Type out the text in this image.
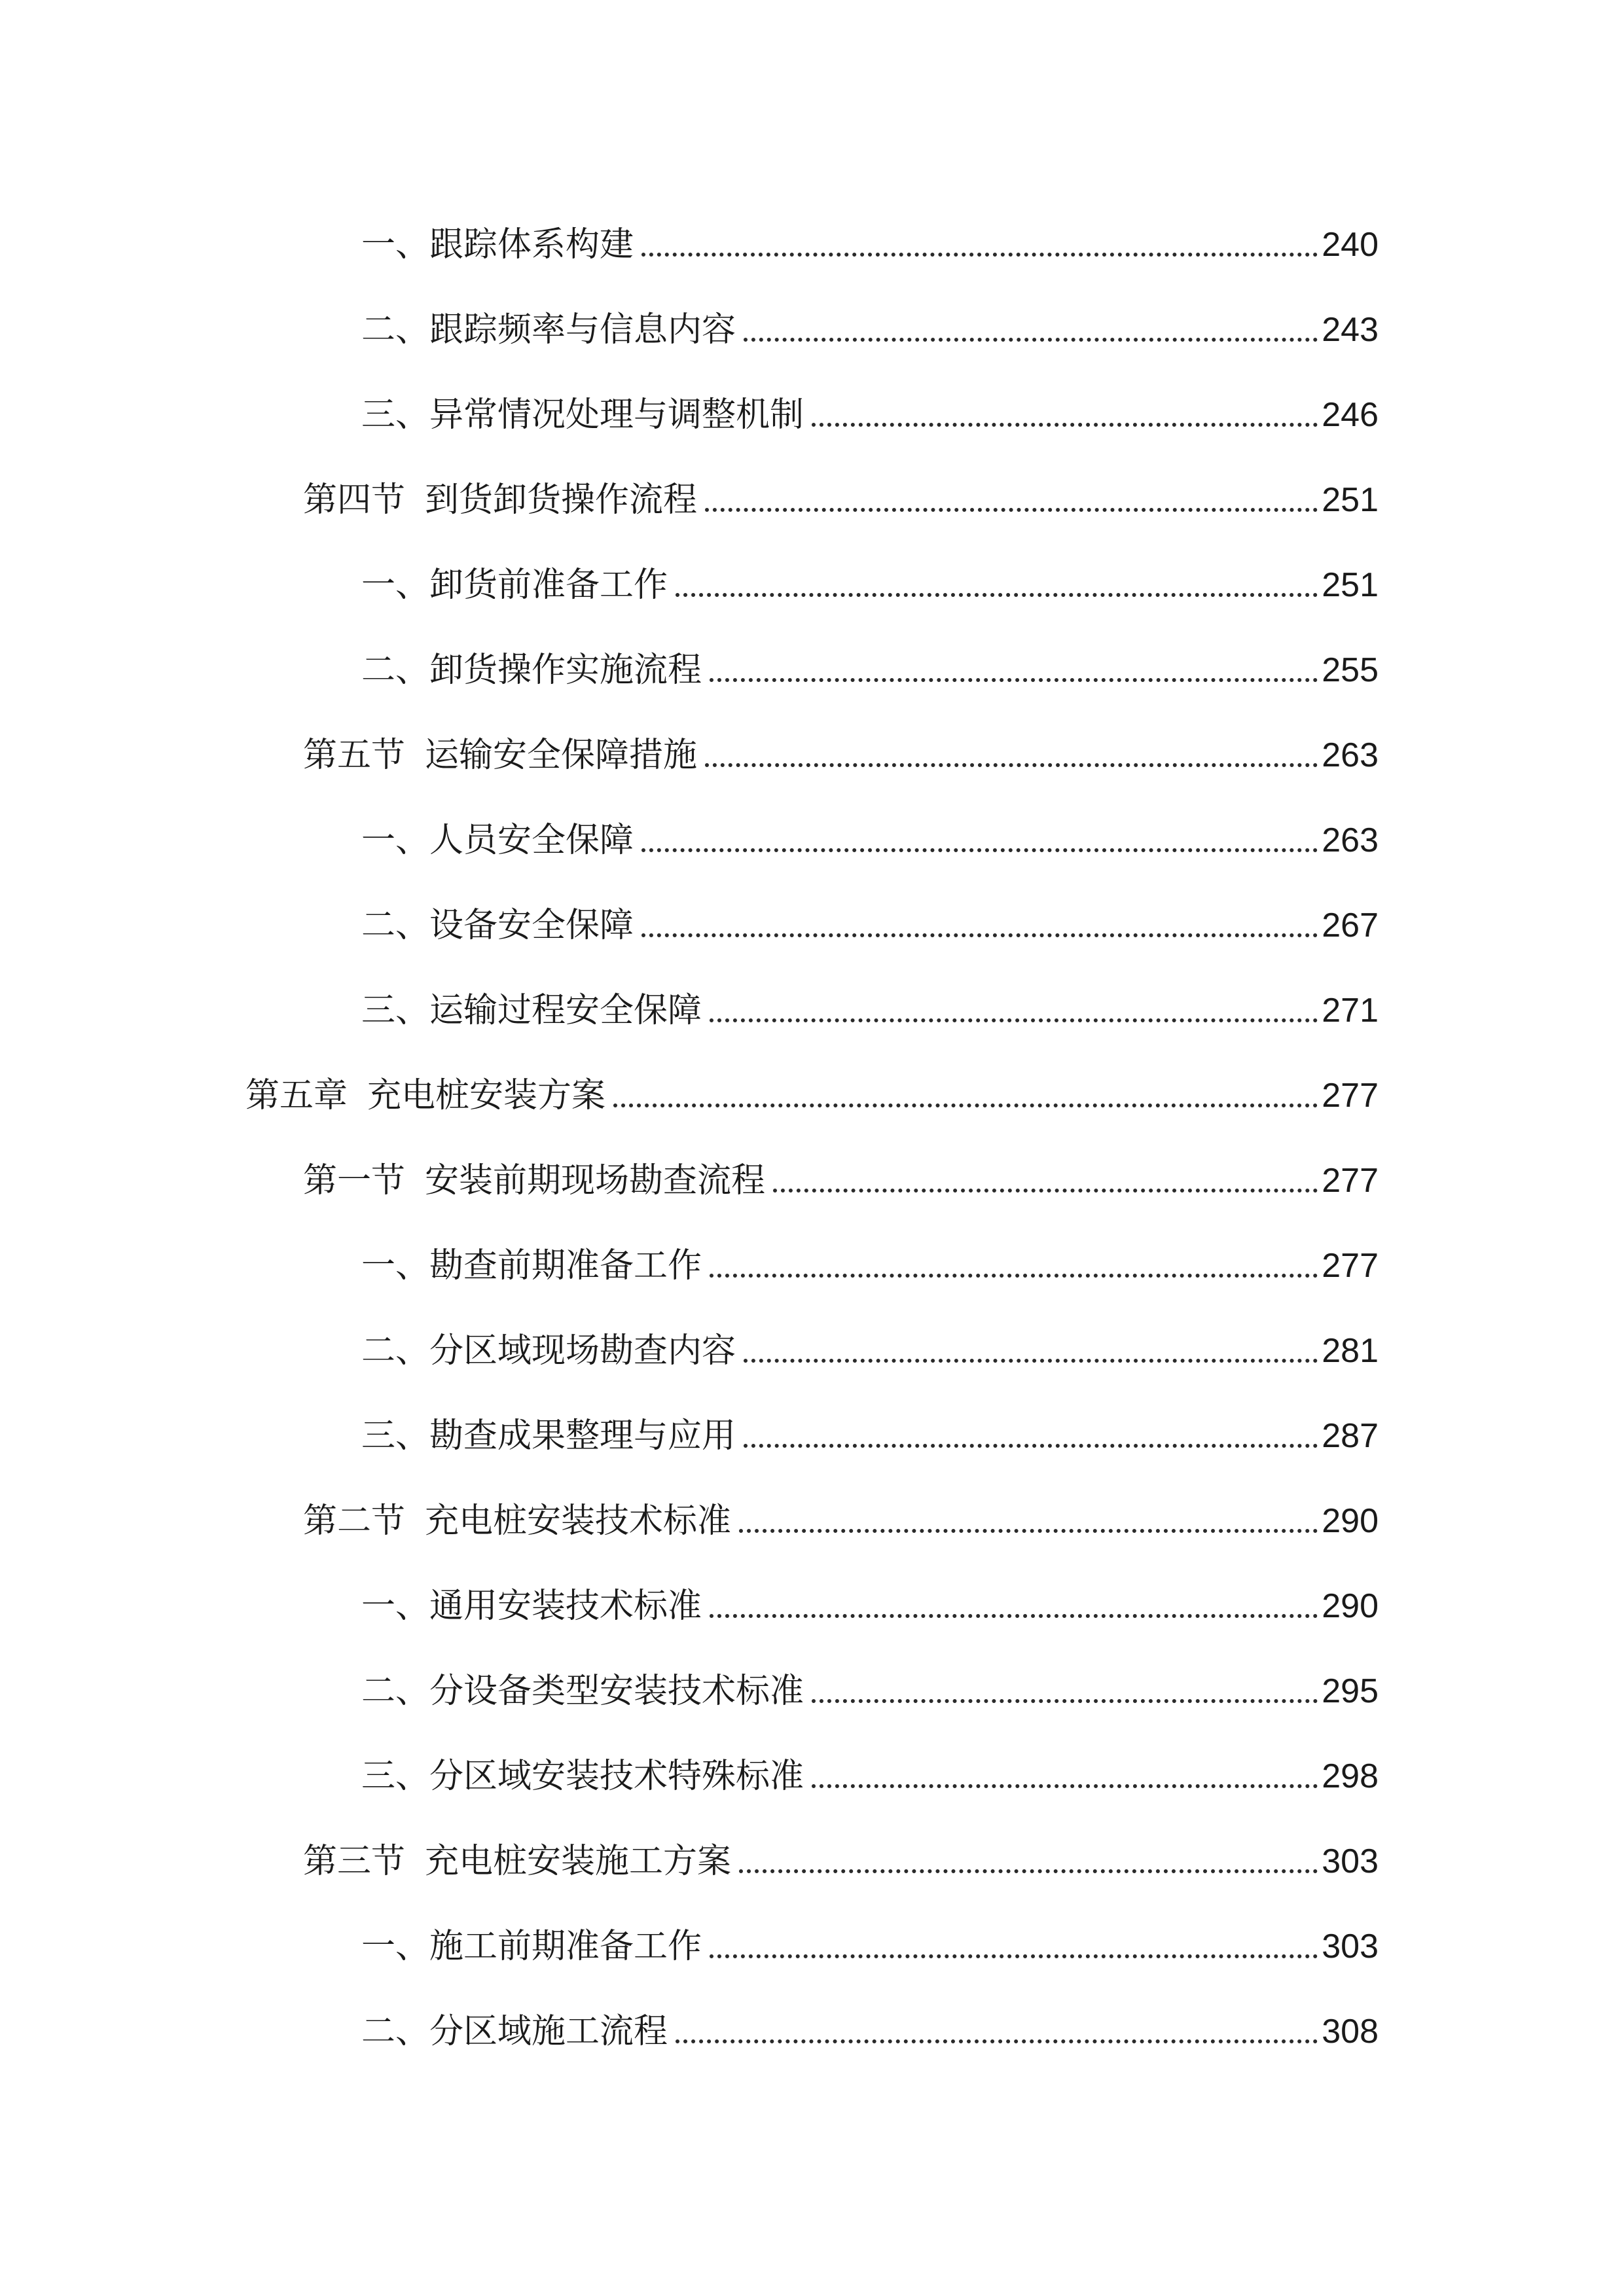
一、跟踪体系构建	240
二、跟踪频率与信息内容	243
三、异常情况处理与调整机制	246
第四节 到货卸货操作流程	251
一、卸货前准备工作	251
二、卸货操作实施流程	255
第五节 运输安全保障措施	263
一、人员安全保障	263
二、设备安全保障	267
三、运输过程安全保障	271
第五章 充电桩安装方案	277
第一节 安装前期现场勘查流程	277
一、勘查前期准备工作	277
二、分区域现场勘查内容	281
三、勘查成果整理与应用	287
第二节 充电桩安装技术标准	290
一、通用安装技术标准	290
二、分设备类型安装技术标准	295
三、分区域安装技术特殊标准	298
第三节 充电桩安装施工方案	303
一、施工前期准备工作	303
二、分区域施工流程	308
